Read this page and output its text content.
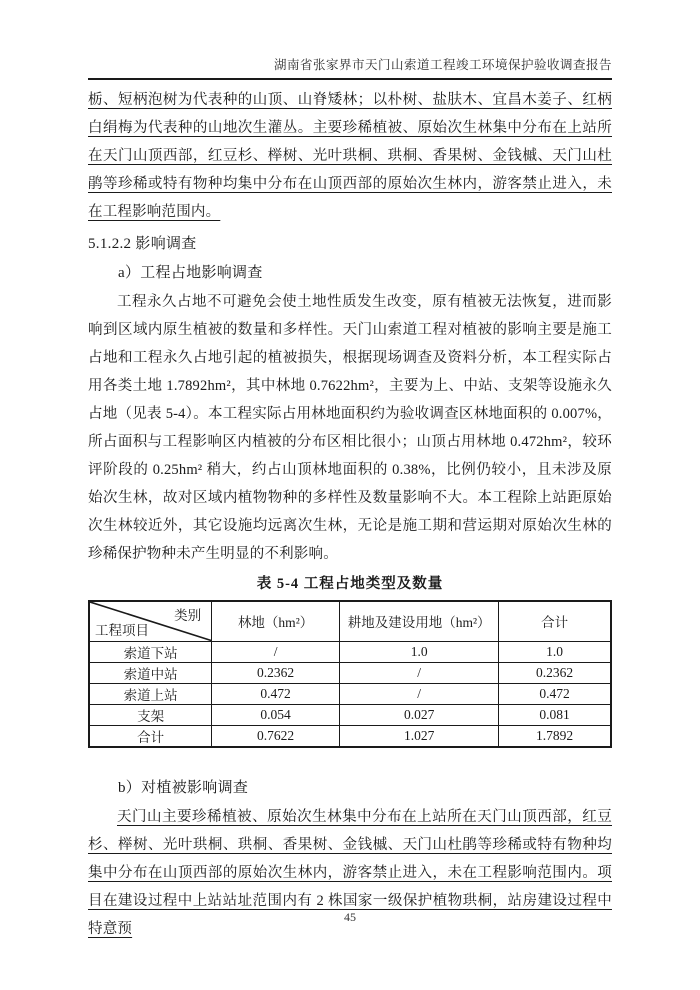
湖南省张家界市天门山索道工程竣工环境保护验收调查报告

栃、短柄泡树为代表种的山顶、山脊矮林；以朴树、盐肤木、宜昌木姜子、红柄白绢梅为代表种的山地次生灌丛。主要珍稀植被、原始次生林集中分布在上站所在天门山顶西部，红豆杉、榉树、光叶珙桐、珙桐、香果树、金钱槭、天门山杜鹃等珍稀或特有物种均集中分布在山顶西部的原始次生林内，游客禁止进入，未在工程影响范围内。

5.1.2.2 影响调查

a）工程占地影响调查

工程永久占地不可避免会使土地性质发生改变，原有植被无法恢复，进而影响到区域内原生植被的数量和多样性。天门山索道工程对植被的影响主要是施工占地和工程永久占地引起的植被损失，根据现场调查及资料分析，本工程实际占用各类土地 1.7892hm²，其中林地 0.7622hm²，主要为上、中站、支架等设施永久占地（见表 5-4）。本工程实际占用林地面积约为验收调查区林地面积的 0.007%，所占面积与工程影响区内植被的分布区相比很小；山顶占用林地 0.472hm²，较环评阶段的 0.25hm² 稍大，约占山顶林地面积的 0.38%，比例仍较小，且未涉及原始次生林，故对区域内植物物种的多样性及数量影响不大。本工程除上站距原始次生林较近外，其它设施均远离次生林，无论是施工期和营运期对原始次生林的珍稀保护物种未产生明显的不利影响。

表 5-4 工程占地类型及数量

类别
工程项目	林地（hm²）	耕地及建设用地（hm²）	合计
索道下站	/	1.0	1.0
索道中站	0.2362	/	0.2362
索道上站	0.472	/	0.472
支架	0.054	0.027	0.081
合计	0.7622	1.027	1.7892

b）对植被影响调查

天门山主要珍稀植被、原始次生林集中分布在上站所在天门山顶西部，红豆杉、榉树、光叶珙桐、珙桐、香果树、金钱槭、天门山杜鹃等珍稀或特有物种均集中分布在山顶西部的原始次生林内，游客禁止进入，未在工程影响范围内。项目在建设过程中上站站址范围内有 2 株国家一级保护植物珙桐，站房建设过程中特意预

45
